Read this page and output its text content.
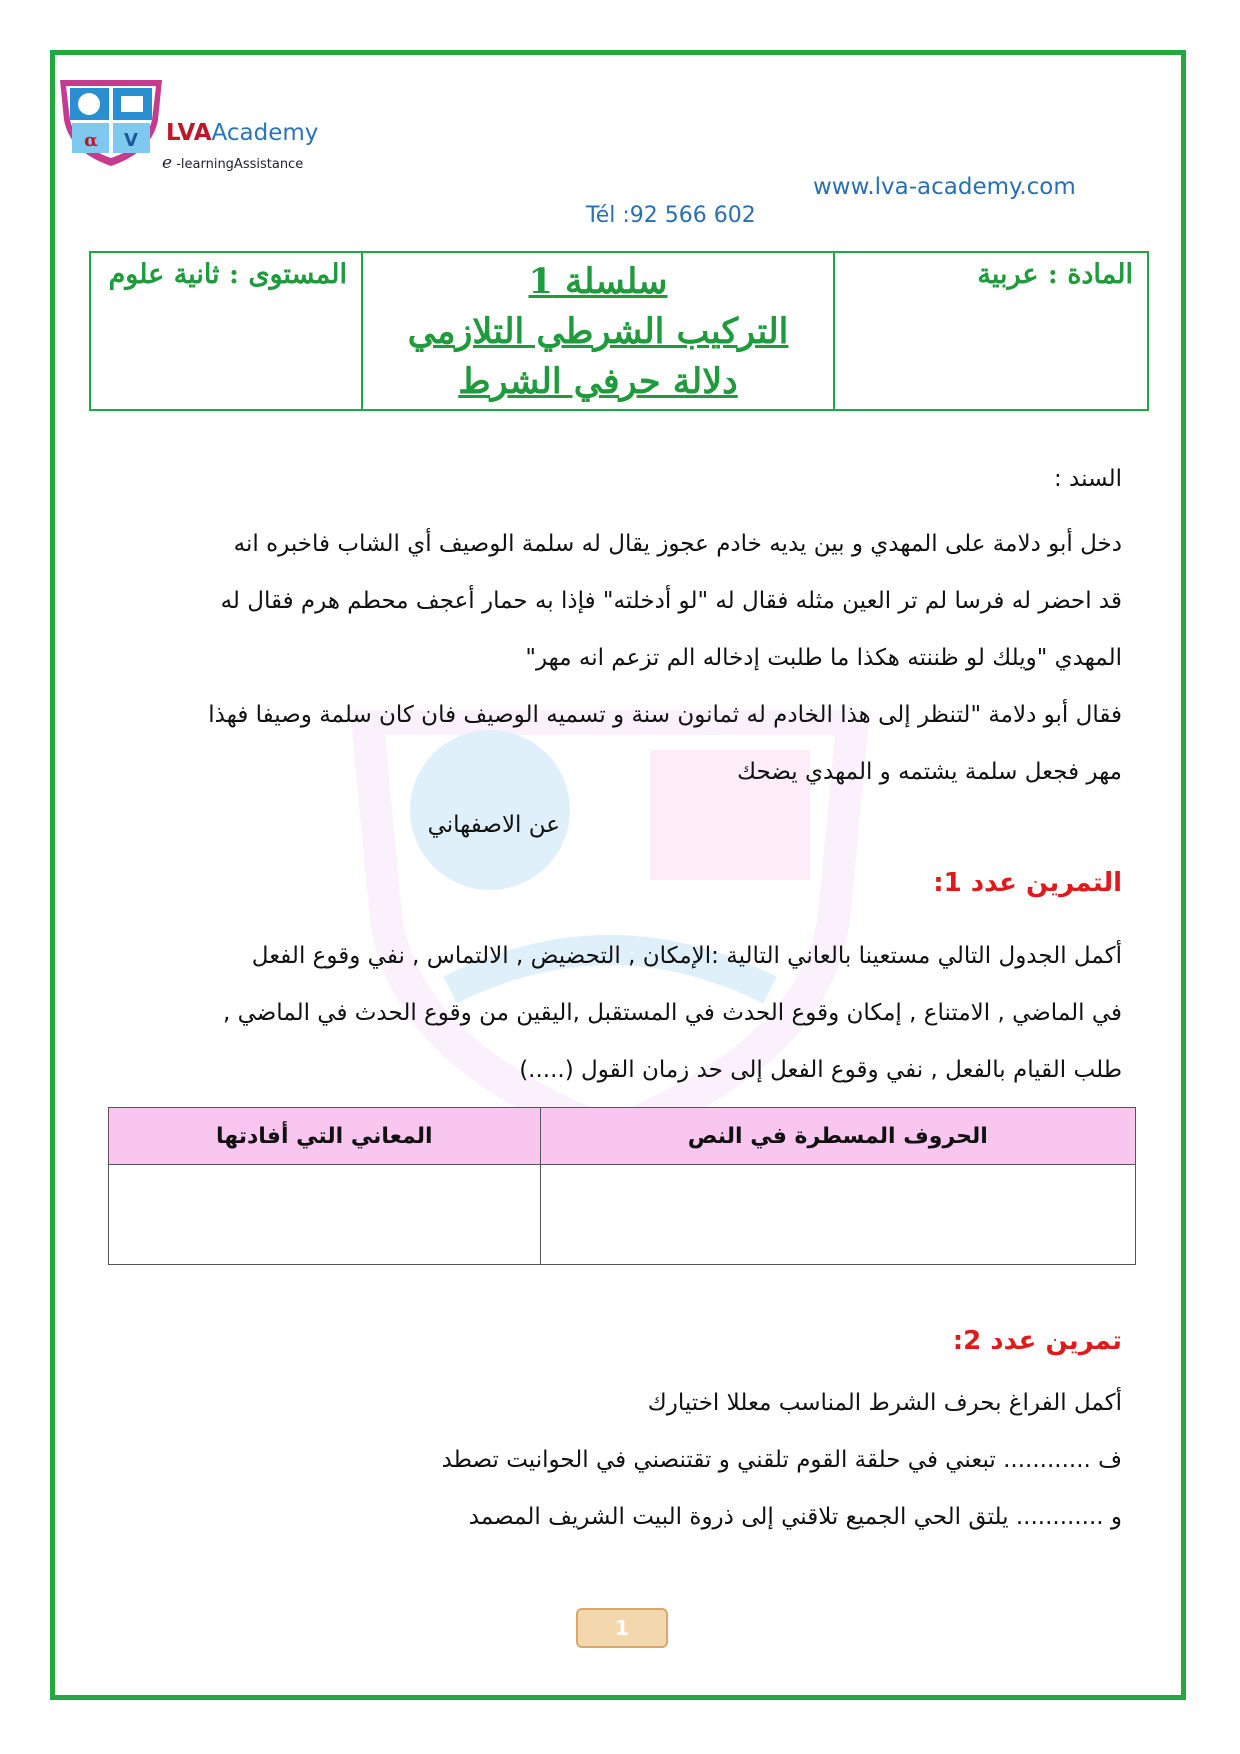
α V LVAAcademy
e -learningAssistance
www.lva-academy.com
Tél :92 566 602
المادة : عربية	
سلسلة 1
التركيب الشرطي التلازمي
دلالة حرفي الشرط
	المستوى : ثانية علوم
السند :
دخل أبو دلامة على المهدي و بين يديه خادم عجوز يقال له سلمة الوصيف أي الشاب فاخبره انه
قد احضر له فرسا لم تر العين مثله فقال له "لو أدخلته" فإذا به حمار أعجف محطم هرم فقال له
المهدي "ويلك لو ظننته هكذا ما طلبت إدخاله الم تزعم انه مهر"
فقال أبو دلامة "لتنظر إلى هذا الخادم له ثمانون سنة و تسميه الوصيف فان كان سلمة وصيفا فهذا
مهر فجعل سلمة يشتمه و المهدي يضحك
عن الاصفهاني
التمرين عدد 1:
أكمل الجدول التالي مستعينا بالعاني التالية :الإمكان , التحضيض , الالتماس , نفي وقوع الفعل
في الماضي , الامتناع , إمكان وقوع الحدث في المستقبل ,اليقين من وقوع الحدث في الماضي ,
طلب القيام بالفعل , نفي وقوع الفعل إلى حد زمان القول (.....)
الحروف المسطرة في النص	المعاني التي أفادتها

تمرين عدد 2:
أكمل الفراغ بحرف الشرط المناسب معللا اختيارك
ف ............ تبعني في حلقة القوم تلقني و تقتنصني في الحوانيت تصطد
و ............ يلتق الحي الجميع تلاقني إلى ذروة البيت الشريف المصمد
1
